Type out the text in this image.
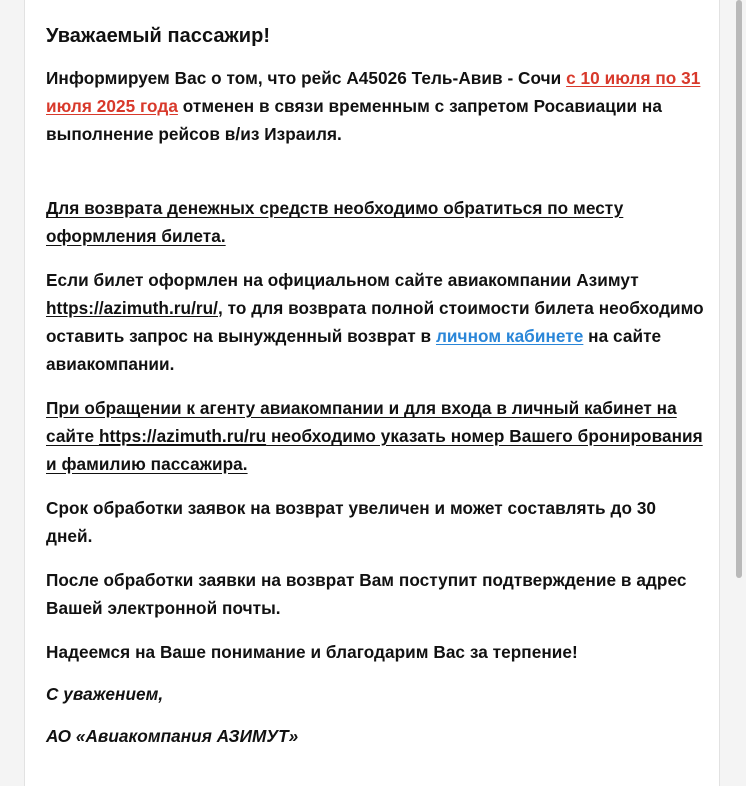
Уважаемый пассажир!

Информируем Вас о том, что рейс А45026 Тель-Авив - Сочи с 10 июля по 31 июля 2025 года отменен в связи временным с запретом Росавиации на выполнение рейсов в/из Израиля.

Для возврата денежных средств необходимо обратиться по месту оформления билета.

Если билет оформлен на официальном сайте авиакомпании Азимут https://azimuth.ru/ru/, то для возврата полной стоимости билета необходимо оставить запрос на вынужденный возврат в личном кабинете на сайте авиакомпании.

При обращении к агенту авиакомпании и для входа в личный кабинет на сайте https://azimuth.ru/ru необходимо указать номер Вашего бронирования и фамилию пассажира.

Срок обработки заявок на возврат увеличен и может составлять до 30 дней.

После обработки заявки на возврат Вам поступит подтверждение в адрес Вашей электронной почты.

Надеемся на Ваше понимание и благодарим Вас за терпение!

С уважением,

АО «Авиакомпания АЗИМУТ»
